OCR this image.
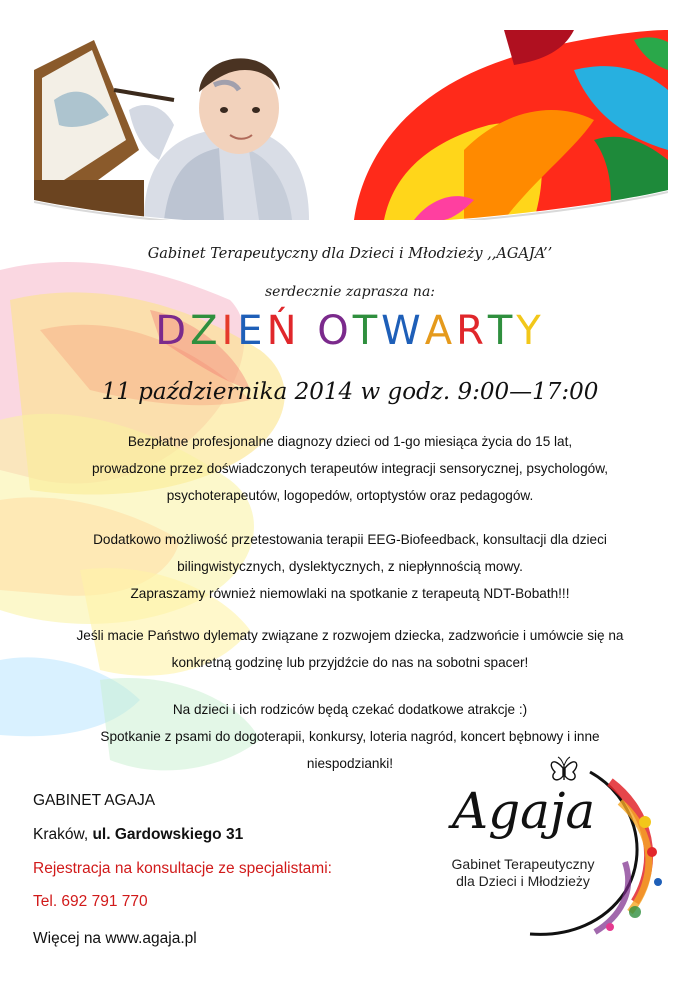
Gabinet Terapeutyczny dla Dzieci i Młodzieży ,,AGAJA’’
serdecznie zaprasza na:
DZIEŃ OTWARTY
11 października 2014 w godz. 9:00—17:00
Bezpłatne profesjonalne diagnozy dzieci od 1-go miesiąca życia do 15 lat,
prowadzone przez doświadczonych terapeutów integracji sensorycznej, psychologów,
psychoterapeutów, logopedów, ortoptystów oraz pedagogów.
Dodatkowo możliwość przetestowania terapii EEG-Biofeedback, konsultacji dla dzieci
bilingwistycznych, dyslektycznych, z niepłynnością mowy.
Zapraszamy również niemowlaki na spotkanie z terapeutą NDT-Bobath!!!
Jeśli macie Państwo dylematy związane z rozwojem dziecka, zadzwońcie i umówcie się na
konkretną godzinę lub przyjdźcie do nas na sobotni spacer!
Na dzieci i ich rodziców będą czekać dodatkowe atrakcje :)
Spotkanie z psami do dogoterapii, konkursy, loteria nagród, koncert bębnowy i inne
niespodzianki!
GABINET AGAJA
Kraków, ul. Gardowskiego 31
Rejestracja na konsultacje ze specjalistami:
Tel. 692 791 770
Więcej na www.agaja.pl
Agaja
Gabinet Terapeutyczny
dla Dzieci i Młodzieży
